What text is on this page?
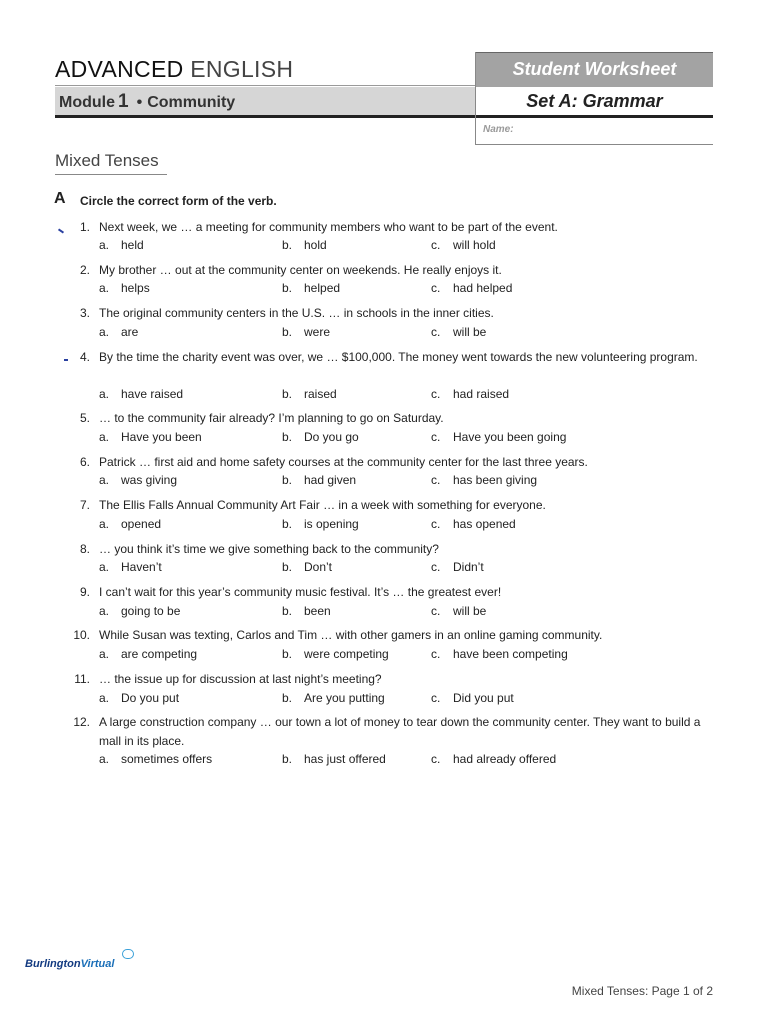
ADVANCED ENGLISH
Module 1 • Community
Student Worksheet
Set A: Grammar
Name:
Mixed Tenses
A Circle the correct form of the verb.
1. Next week, we … a meeting for community members who want to be part of the event.
a. held	b. hold	c. will hold
2. My brother … out at the community center on weekends. He really enjoys it.
a. helps	b. helped	c. had helped
3. The original community centers in the U.S. … in schools in the inner cities.
a. are	b. were	c. will be
4. By the time the charity event was over, we … $100,000. The money went towards the new volunteering program.
a. have raised	b. raised	c. had raised
5. … to the community fair already? I’m planning to go on Saturday.
a. Have you been	b. Do you go	c. Have you been going
6. Patrick … first aid and home safety courses at the community center for the last three years.
a. was giving	b. had given	c. has been giving
7. The Ellis Falls Annual Community Art Fair … in a week with something for everyone.
a. opened	b. is opening	c. has opened
8. … you think it’s time we give something back to the community?
a. Haven’t	b. Don’t	c. Didn’t
9. I can’t wait for this year’s community music festival. It’s … the greatest ever!
a. going to be	b. been	c. will be
10. While Susan was texting, Carlos and Tim … with other gamers in an online gaming community.
a. are competing	b. were competing	c. have been competing
11. … the issue up for discussion at last night’s meeting?
a. Do you put	b. Are you putting	c. Did you put
12. A large construction company … our town a lot of money to tear down the community center. They want to build a mall in its place.
a. sometimes offers	b. has just offered	c. had already offered
BurlingtonVirtual
Mixed Tenses: Page 1 of 2
